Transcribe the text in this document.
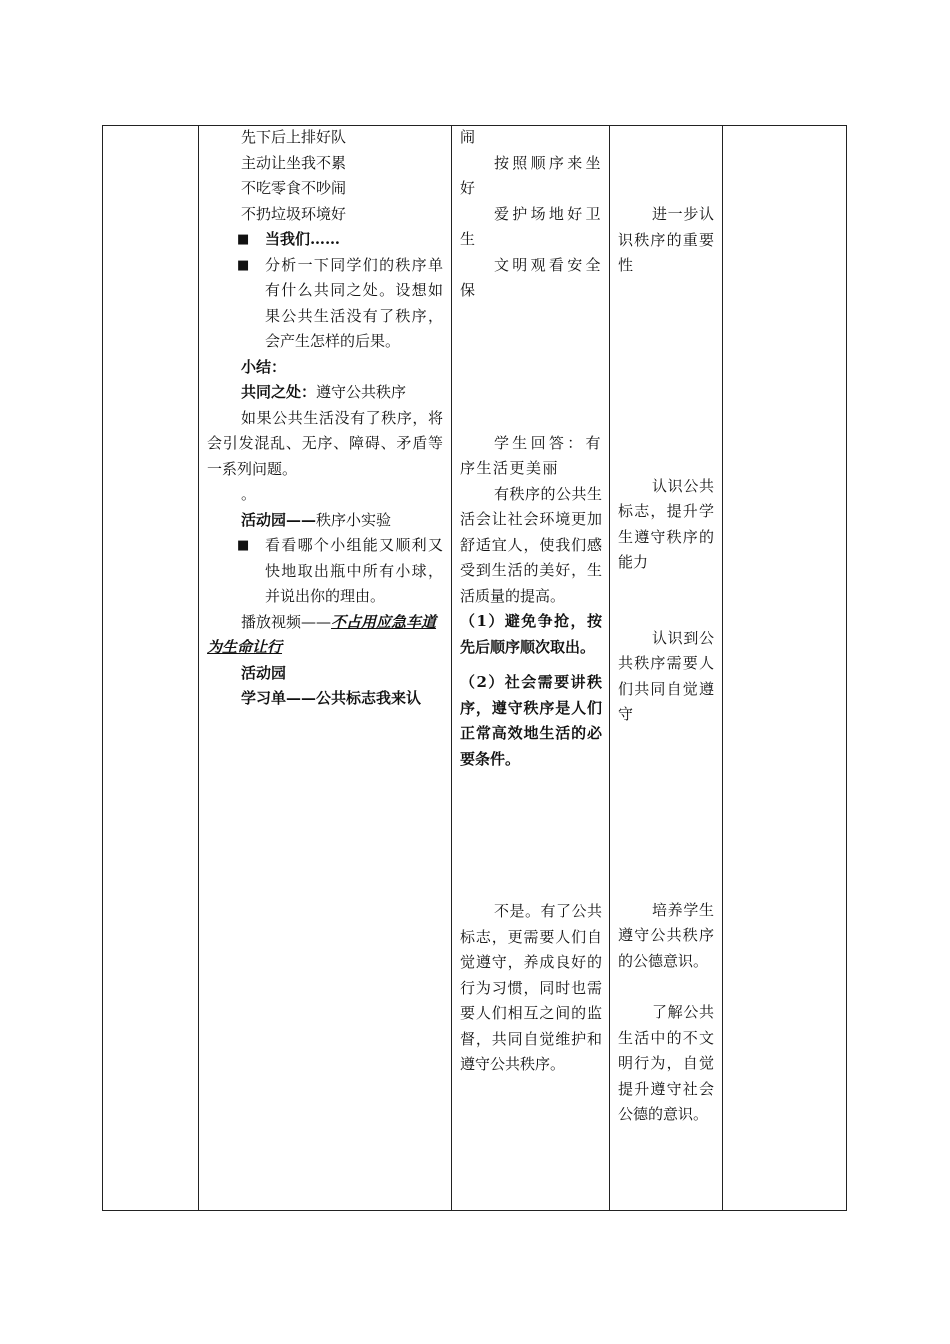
先下后上排好队

主动让坐我不累

不吃零食不吵闹

不扔垃圾环境好

■ 当我们……
■ 分析一下同学们的秩序单有什么共同之处。设想如果公共生活没有了秩序，会产生怎样的后果。

小结：

共同之处：遵守公共秩序

如果公共生活没有了秩序，将会引发混乱、无序、障碍、矛盾等一系列问题。

。

活动园——秩序小实验

■ 看看哪个小组能又顺利又快地取出瓶中所有小球，并说出你的理由。

播放视频——不占用应急车道 为生命让行

活动园

学习单——公共标志我来认

闹

按照顺序来坐好

爱护场地好卫生

文明观看安全保

学生回答：有序生活更美丽

有秩序的公共生活会让社会环境更加舒适宜人，使我们感受到生活的美好，生活质量的提高。

（1）避免争抢，按先后顺序顺次取出。

（2）社会需要讲秩序，遵守秩序是人们正常高效地生活的必要条件。

不是。有了公共标志，更需要人们自觉遵守，养成良好的行为习惯，同时也需要人们相互之间的监督，共同自觉维护和遵守公共秩序。

进一步认识秩序的重要性

认识公共标志，提升学生遵守秩序的能力

认识到公共秩序需要人们共同自觉遵守

培养学生遵守公共秩序的公德意识。

了解公共生活中的不文明行为，自觉提升遵守社会公德的意识。
